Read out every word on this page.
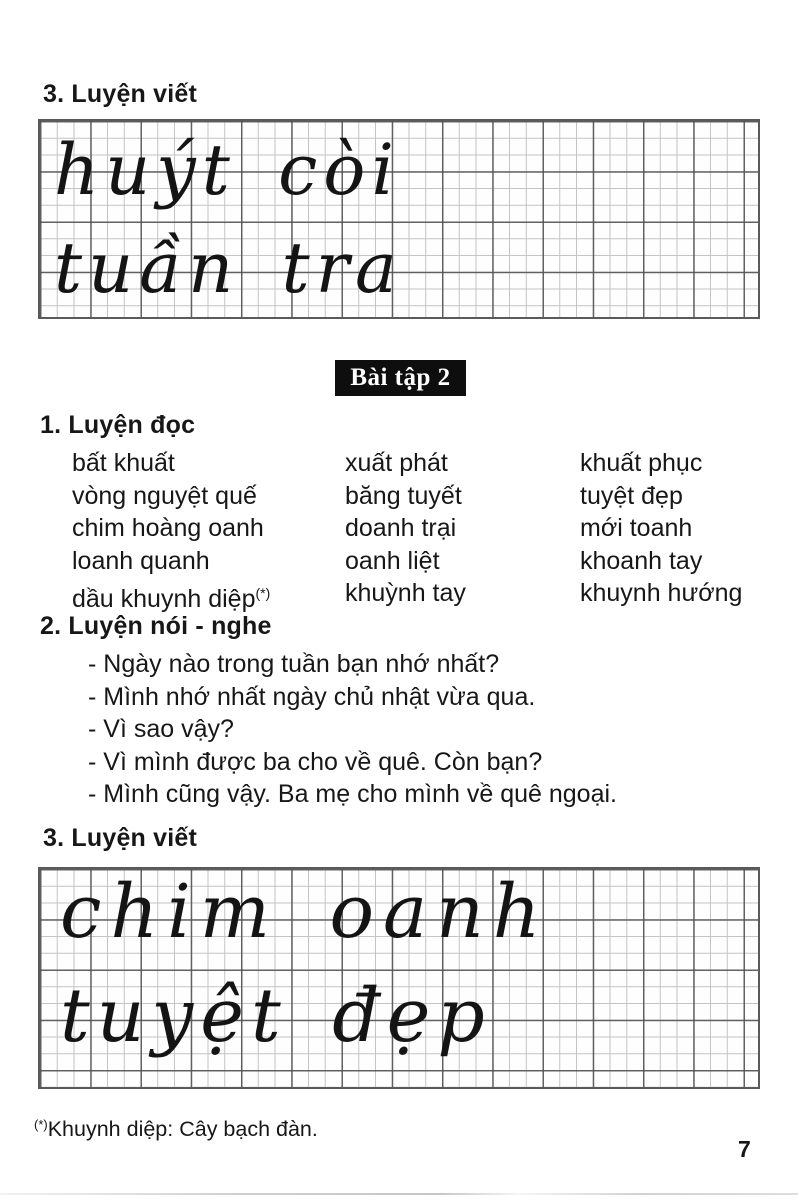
3. Luyện viết
huýt còi
tuần tra
Bài tập 2
1. Luyện đọc
bất khuất
vòng nguyệt quế
chim hoàng oanh
loanh quanh
dầu khuynh diệp(*)
xuất phát
băng tuyết
doanh trại
oanh liệt
khuỳnh tay
khuất phục
tuyệt đẹp
mới toanh
khoanh tay
khuynh hướng
2. Luyện nói - nghe
- Ngày nào trong tuần bạn nhớ nhất?
- Mình nhớ nhất ngày chủ nhật vừa qua.
- Vì sao vậy?
- Vì mình được ba cho về quê. Còn bạn?
- Mình cũng vậy. Ba mẹ cho mình về quê ngoại.
3. Luyện viết
chim oanh
tuyệt đẹp
(*)Khuynh diệp: Cây bạch đàn.
7
